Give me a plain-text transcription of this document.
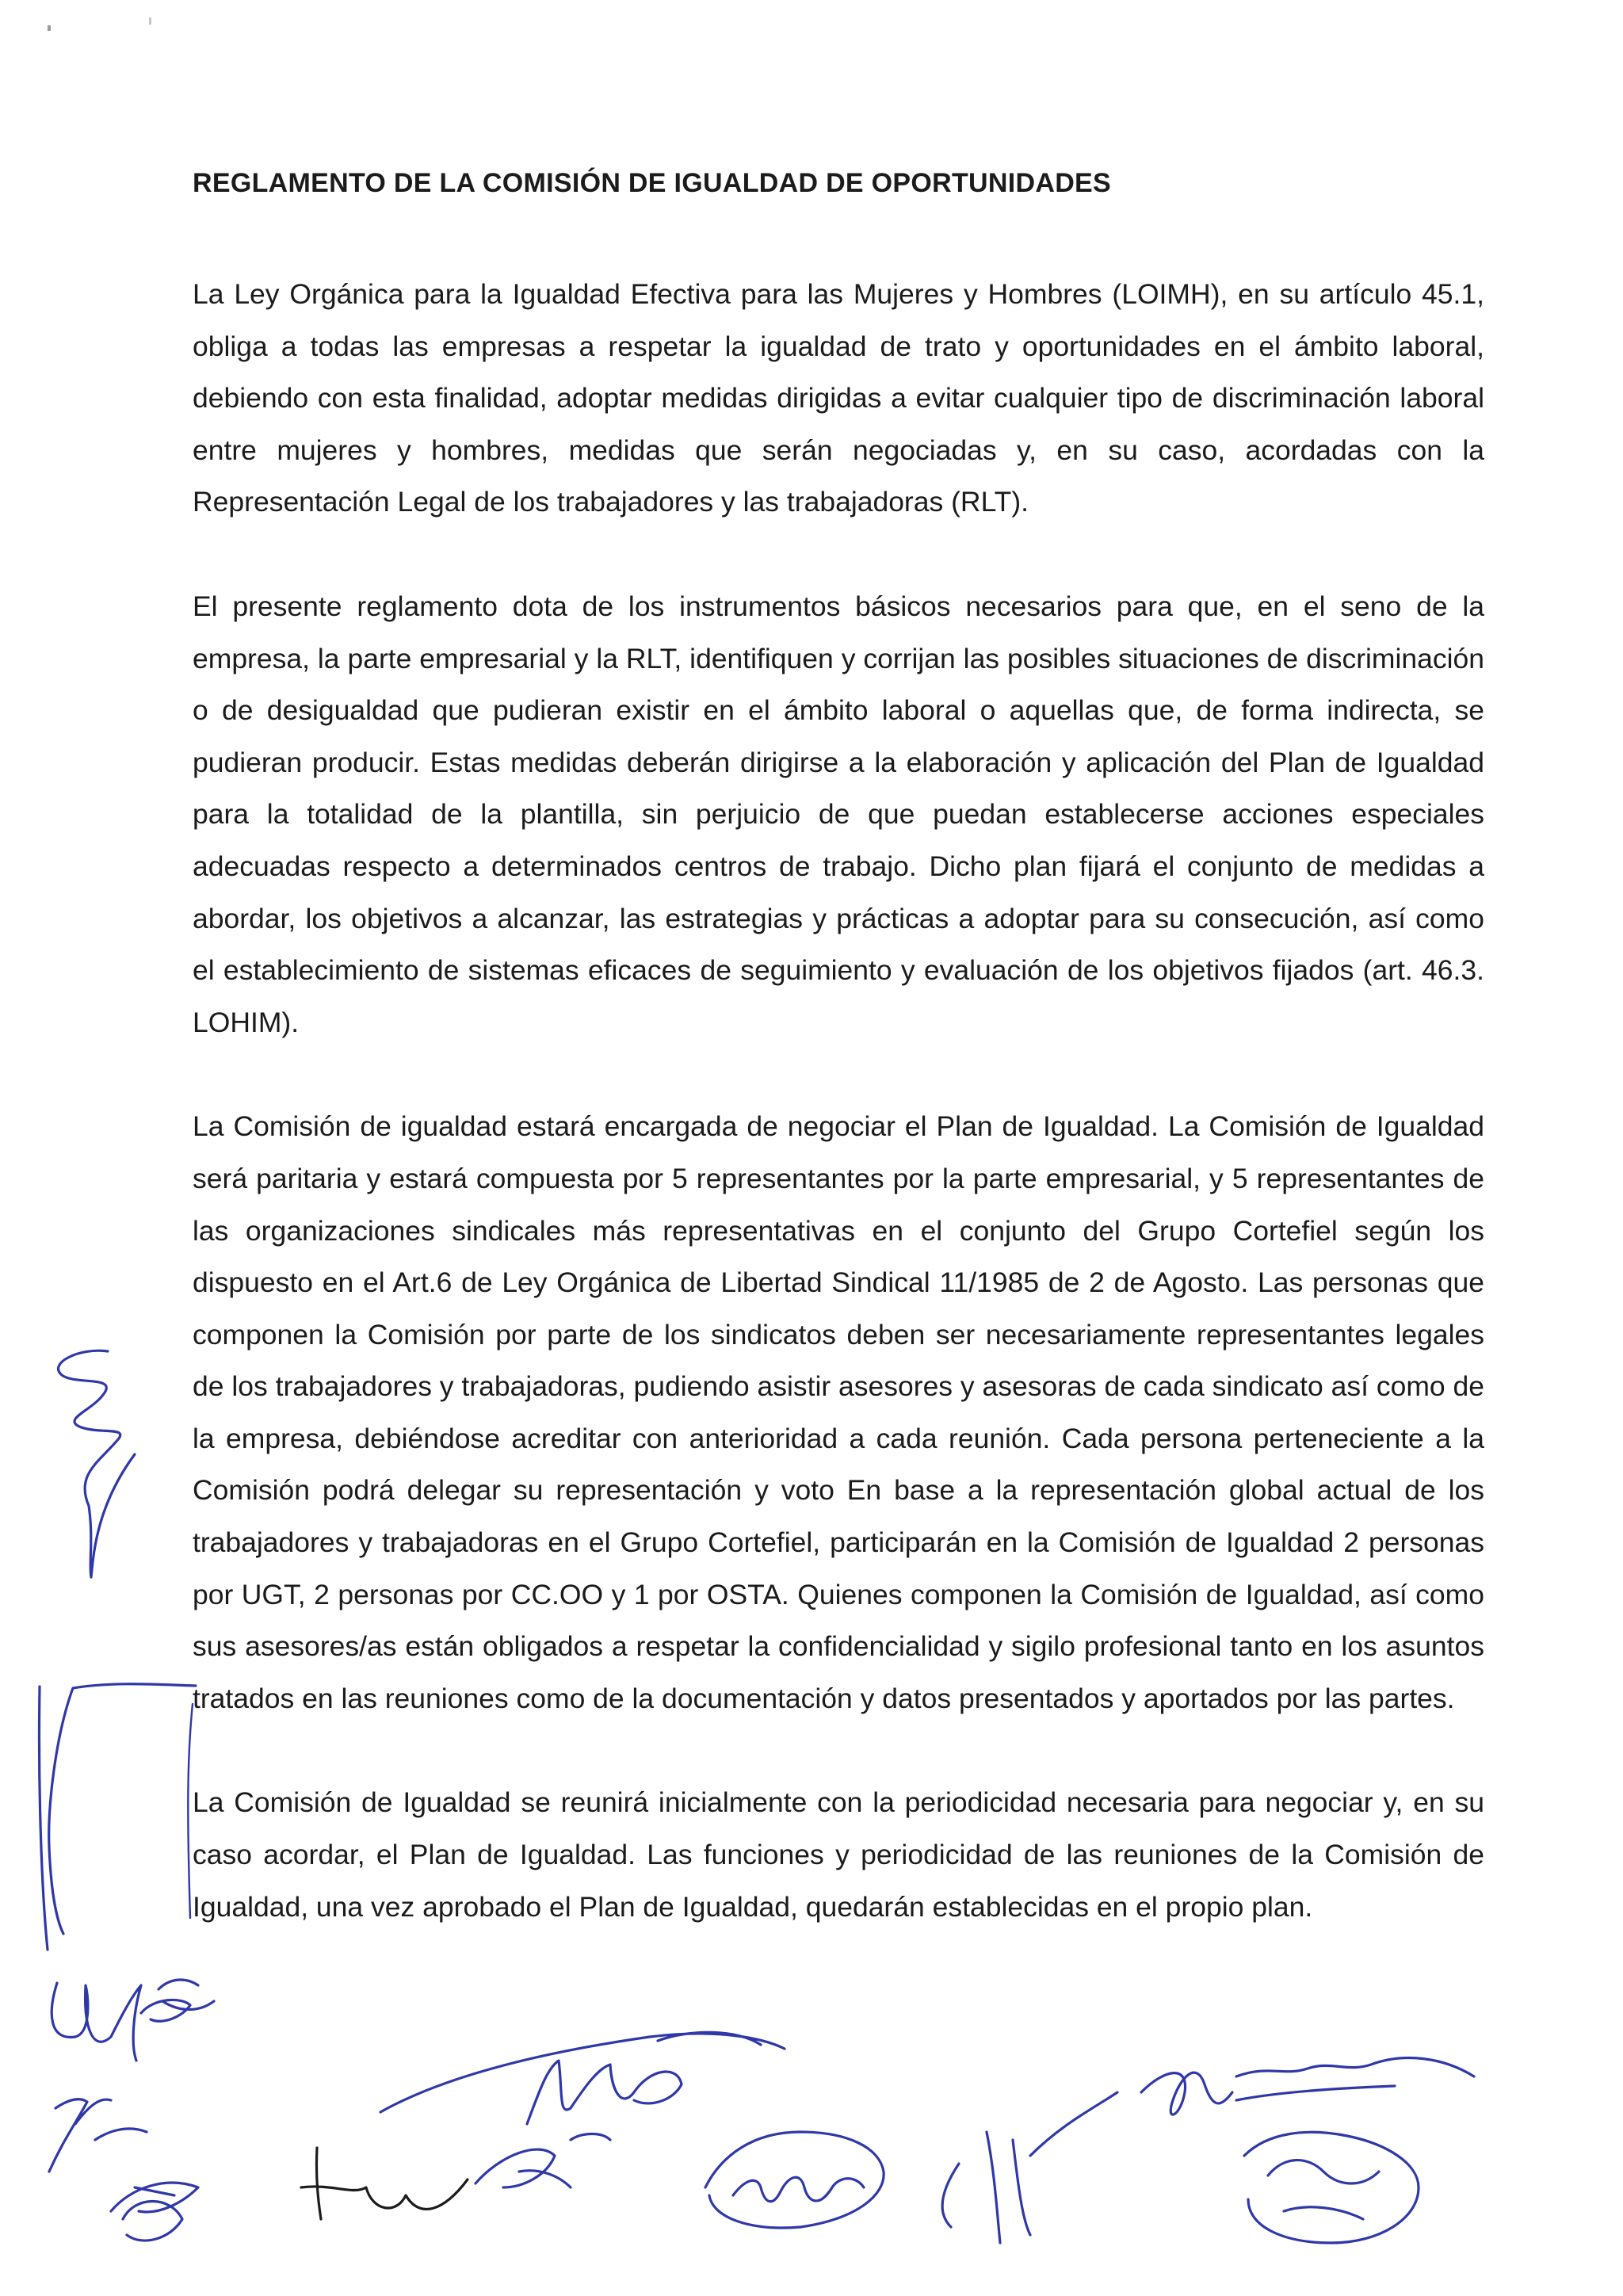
REGLAMENTO DE LA COMISIÓN DE IGUALDAD DE OPORTUNIDADES

La Ley Orgánica para la Igualdad Efectiva para las Mujeres y Hombres (LOIMH), en su artículo 45.1, obliga a todas las empresas a respetar la igualdad de trato y oportunidades en el ámbito laboral, debiendo con esta finalidad, adoptar medidas dirigidas a evitar cualquier tipo de discriminación laboral entre mujeres y hombres, medidas que serán negociadas y, en su caso, acordadas con la Representación Legal de los trabajadores y las trabajadoras (RLT).

El presente reglamento dota de los instrumentos básicos necesarios para que, en el seno de la empresa, la parte empresarial y la RLT, identifiquen y corrijan las posibles situaciones de discriminación o de desigualdad que pudieran existir en el ámbito laboral o aquellas que, de forma indirecta, se pudieran producir. Estas medidas deberán dirigirse a la elaboración y aplicación del Plan de Igualdad para la totalidad de la plantilla, sin perjuicio de que puedan establecerse acciones especiales adecuadas respecto a determinados centros de trabajo. Dicho plan fijará el conjunto de medidas a abordar, los objetivos a alcanzar, las estrategias y prácticas a adoptar para su consecución, así como el establecimiento de sistemas eficaces de seguimiento y evaluación de los objetivos fijados (art. 46.3. LOHIM).

La Comisión de igualdad estará encargada de negociar el Plan de Igualdad. La Comisión de Igualdad será paritaria y estará compuesta por 5 representantes por la parte empresarial, y 5 representantes de las organizaciones sindicales más representativas en el conjunto del Grupo Cortefiel según los dispuesto en el Art.6 de Ley Orgánica de Libertad Sindical 11/1985 de 2 de Agosto. Las personas que componen la Comisión por parte de los sindicatos deben ser necesariamente representantes legales de los trabajadores y trabajadoras, pudiendo asistir asesores y asesoras de cada sindicato así como de la empresa, debiéndose acreditar con anterioridad a cada reunión. Cada persona perteneciente a la Comisión podrá delegar su representación y voto En base a la representación global actual de los trabajadores y trabajadoras en el Grupo Cortefiel, participarán en la Comisión de Igualdad 2 personas por UGT, 2 personas por CC.OO y 1 por OSTA. Quienes componen la Comisión de Igualdad, así como sus asesores/as están obligados a respetar la confidencialidad y sigilo profesional tanto en los asuntos tratados en las reuniones como de la documentación y datos presentados y aportados por las partes.

La Comisión de Igualdad se reunirá inicialmente con la periodicidad necesaria para negociar y, en su caso acordar, el Plan de Igualdad. Las funciones y periodicidad de las reuniones de la Comisión de Igualdad, una vez aprobado el Plan de Igualdad, quedarán establecidas en el propio plan.
